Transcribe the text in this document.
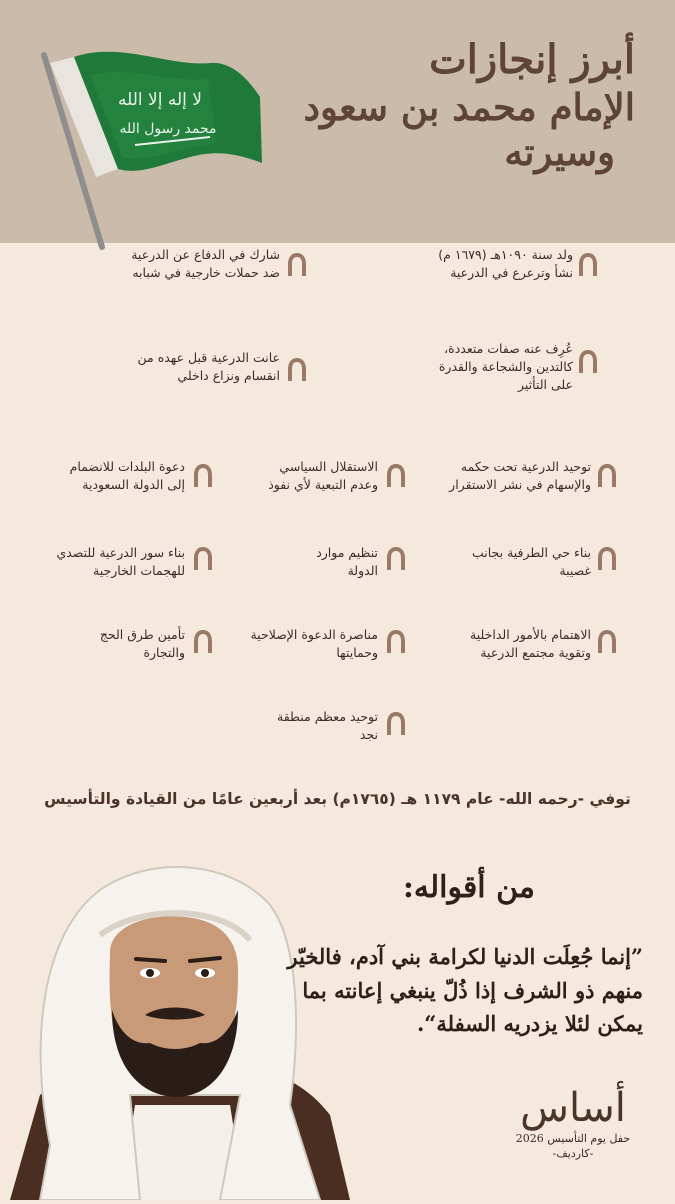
لا إله إلا الله
محمد رسول الله
أبرز إنجازات
الإمام محمد بن سعود
وسيرته
ولد سنة ١٠٩٠هـ (١٦٧٩ م)
نشأ وترعرع في الدرعية
شارك في الدفاع عن الدرعية
ضد حملات خارجية في شبابه
عُرِف عنه صفات متعددة،
كالتدين والشجاعة والقدرة
على التأثير
عانت الدرعية قبل عهده من
انقسام ونزاع داخلي
توحيد الدرعية تحت حكمه
والإسهام في نشر الاستقرار
الاستقلال السياسي
وعدم التبعية لأي نفوذ
دعوة البلدات للانضمام
إلى الدولة السعودية
بناء حي الطرفية بجانب
غصيبة
تنظيم موارد
الدولة
بناء سور الدرعية للتصدي
للهجمات الخارجية
الاهتمام بالأمور الداخلية
وتقوية مجتمع الدرعية
مناصرة الدعوة الإصلاحية
وحمايتها
تأمين طرق الحج
والتجارة
توحيد معظم منطقة
نجد
توفي -رحمه الله- عام ١١٧٩ هـ (١٧٦٥م) بعد أربعين عامًا من القيادة والتأسيس
من أقواله:
”إنما جُعِلَت الدنيا لكرامة بني آدم، فالخيّر
منهم ذو الشرف إذا ذُلّ ينبغي إعانته بما
يمكن لئلا يزدريه السفلة“.
أساس
حفل يوم التأسيس 2026
-كارديف-
